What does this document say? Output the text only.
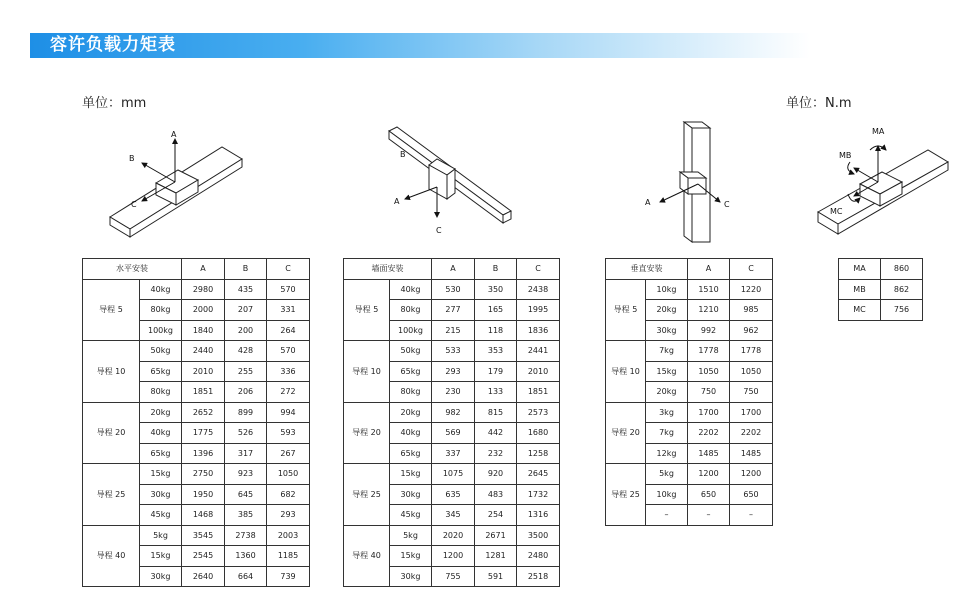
容许负载力矩表
单位：mm	单位：N.m
A
B
C
B
A
C
A	C
MA
MB
MC
水平安装		A	B	C
导程 5	40kg	2980	435	570
	80kg	2000	207	331
	100kg	1840	200	264
导程 10	50kg	2440	428	570
	65kg	2010	255	336
	80kg	1851	206	272
导程 20	20kg	2652	899	994
	40kg	1775	526	593
	65kg	1396	317	267
导程 25	15kg	2750	923	1050
	30kg	1950	645	682
	45kg	1468	385	293
导程 40	5kg	3545	2738	2003
	15kg	2545	1360	1185
	30kg	2640	664	739
墙面安装		A	B	C
导程 5	40kg	530	350	2438
	80kg	277	165	1995
	100kg	215	118	1836
导程 10	50kg	533	353	2441
	65kg	293	179	2010
	80kg	230	133	1851
导程 20	20kg	982	815	2573
	40kg	569	442	1680
	65kg	337	232	1258
导程 25	15kg	1075	920	2645
	30kg	635	483	1732
	45kg	345	254	1316
导程 40	5kg	2020	2671	3500
	15kg	1200	1281	2480
	30kg	755	591	2518
垂直安装		A	C
导程 5	10kg	1510	1220
	20kg	1210	985
	30kg	992	962
导程 10	7kg	1778	1778
	15kg	1050	1050
	20kg	750	750
导程 20	3kg	1700	1700
	7kg	2202	2202
	12kg	1485	1485
导程 25	5kg	1200	1200
	10kg	650	650
	–	–	–
MA	860
MB	862
MC	756
